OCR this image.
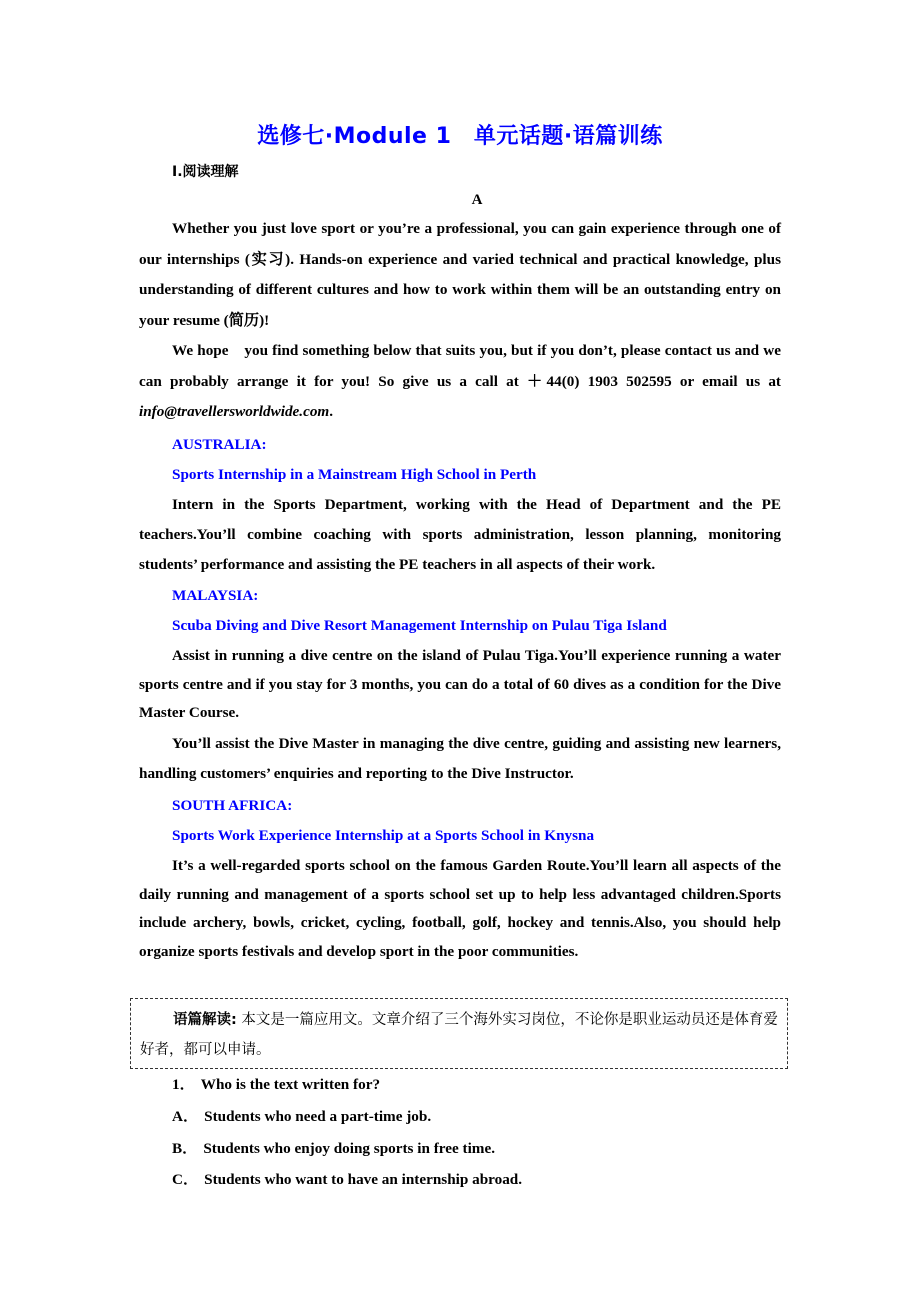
选修七·Module 1　单元话题·语篇训练
Ⅰ.阅读理解
A

Whether you just love sport or you’re a professional, you can gain experience through one of our internships (实习). Hands-on experience and varied technical and practical knowledge, plus understanding of different cultures and how to work within them will be an outstanding entry on your resume (简历)!

We hope　you find something below that suits you, but if you don’t, please contact us and we can probably arrange it for you! So give us a call at ＋44(0) 1903 502595 or email us at info@travellersworldwide.com.

AUSTRALIA:
Sports Internship in a Mainstream High School in Perth

Intern in the Sports Department, working with the Head of Department and the PE teachers.You’ll combine coaching with sports administration, lesson planning, monitoring students’ performance and assisting the PE teachers in all aspects of their work.

MALAYSIA:
Scuba Diving and Dive Resort Management Internship on Pulau Tiga Island

Assist in running a dive centre on the island of Pulau Tiga.You’ll experience running a water sports centre and if you stay for 3 months, you can do a total of 60 dives as a condition for the Dive Master Course.

You’ll assist the Dive Master in managing the dive centre, guiding and assisting new learners, handling customers’ enquiries and reporting to the Dive Instructor.

SOUTH AFRICA:
Sports Work Experience Internship at a Sports School in Knysna

It’s a well-regarded sports school on the famous Garden Route.You’ll learn all aspects of the daily running and management of a sports school set up to help less advantaged children.Sports include archery, bowls, cricket, cycling, football, golf, hockey and tennis.Also, you should help organize sports festivals and develop sport in the poor communities.

语篇解读: 本文是一篇应用文。文章介绍了三个海外实习岗位，不论你是职业运动员还是体育爱好者，都可以申请。

1． Who is the text written for?
A． Students who need a part-time job.
B． Students who enjoy doing sports in free time.
C． Students who want to have an internship abroad.
